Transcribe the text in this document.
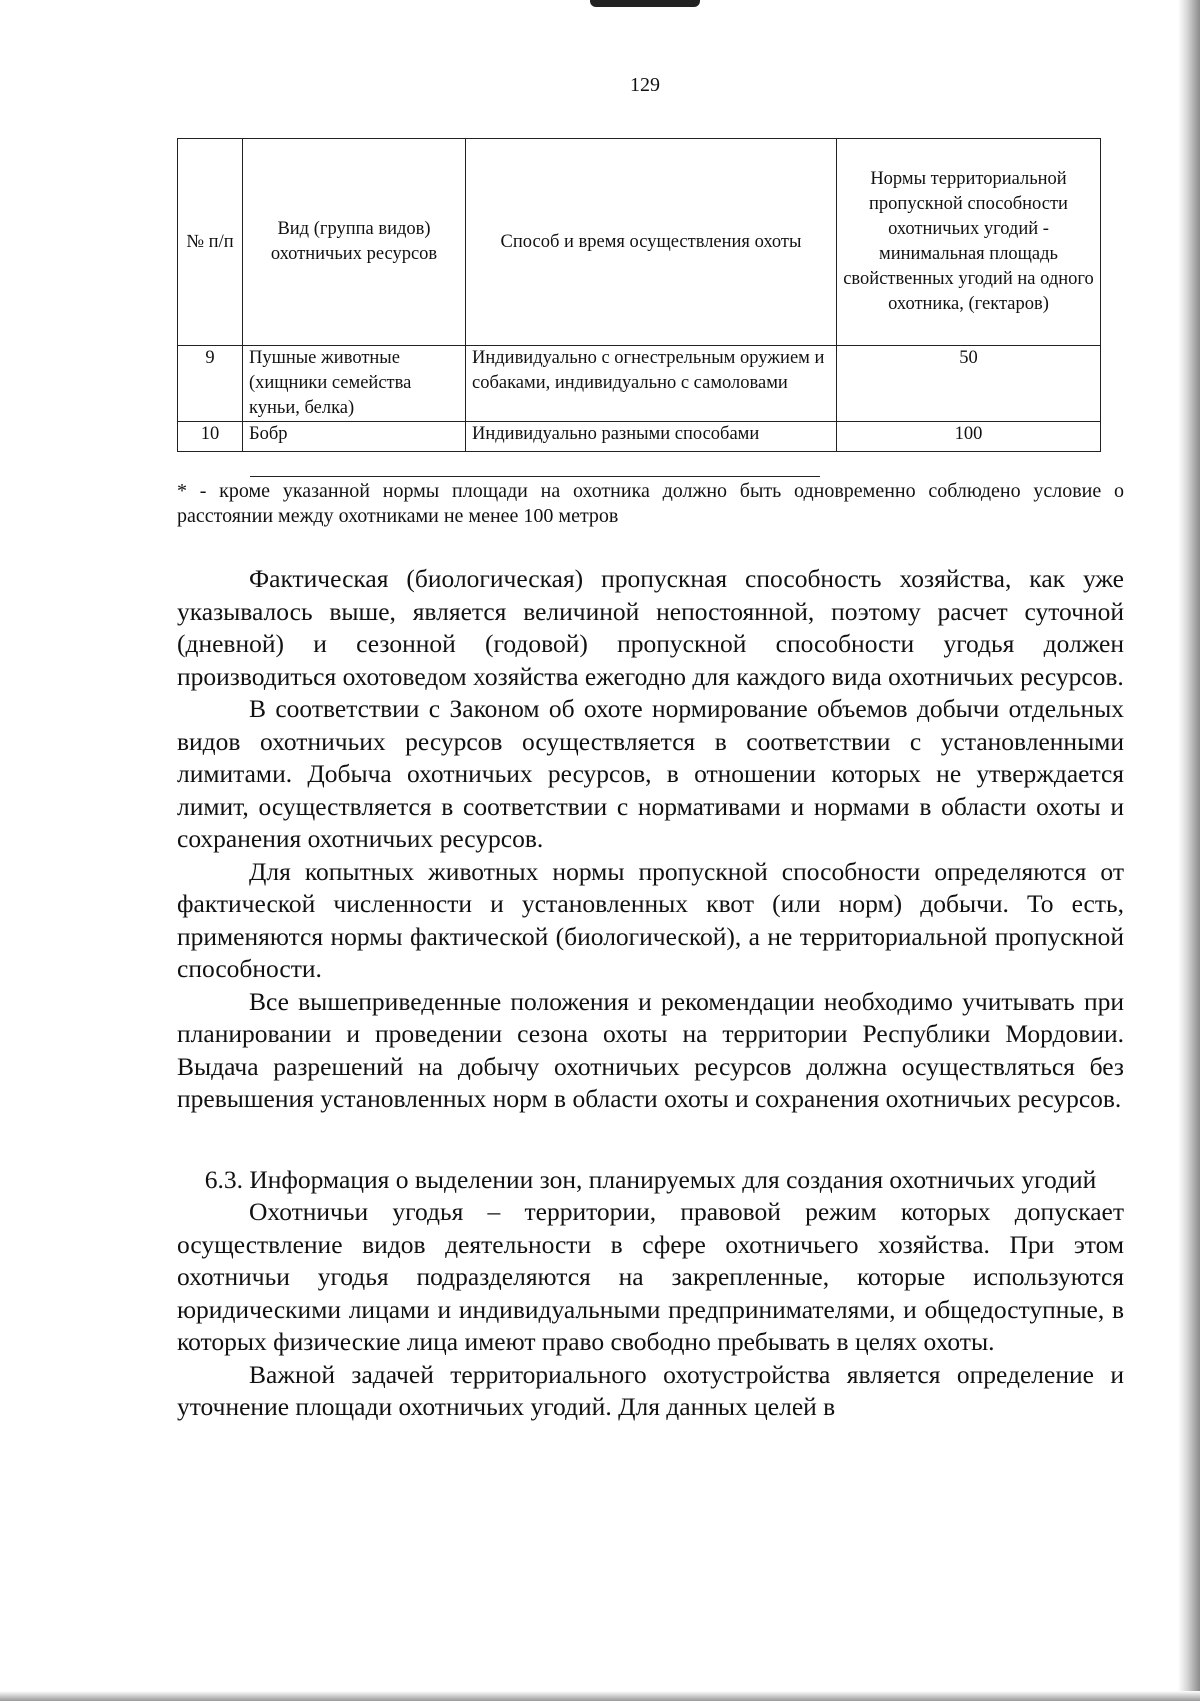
129
№ п/п	Вид (группа видов) охотничьих ресурсов	Способ и время осуществления охоты	Нормы территориальной пропускной способности охотничьих угодий - минимальная площадь свойственных угодий на одного охотника, (гектаров)
9	Пушные животные (хищники семейства куньи, белка)	Индивидуально с огнестрельным оружием и собаками, индивидуально с самоловами	50
10	Бобр	Индивидуально разными способами	100
* - кроме указанной нормы площади на охотника должно быть одновременно соблюдено условие о расстоянии между охотниками не менее 100 метров

Фактическая (биологическая) пропускная способность хозяйства, как уже указывалось выше, является величиной непостоянной, поэтому расчет суточной (дневной) и сезонной (годовой) пропускной способности угодья должен производиться охотоведом хозяйства ежегодно для каждого вида охотничьих ресурсов.

В соответствии с Законом об охоте нормирование объемов добычи отдельных видов охотничьих ресурсов осуществляется в соответствии с установленными лимитами. Добыча охотничьих ресурсов, в отношении которых не утверждается лимит, осуществляется в соответствии с нормативами и нормами в области охоты и сохранения охотничьих ресурсов.

Для копытных животных нормы пропускной способности определяются от фактической численности и установленных квот (или норм) добычи. То есть, применяются нормы фактической (биологической), а не территориальной пропускной способности.

Все вышеприведенные положения и рекомендации необходимо учитывать при планировании и проведении сезона охоты на территории Республики Мордовии. Выдача разрешений на добычу охотничьих ресурсов должна осуществляться без превышения установленных норм в области охоты и сохранения охотничьих ресурсов.

6.3. Информация о выделении зон, планируемых для создания охотничьих угодий

Охотничьи угодья – территории, правовой режим которых допускает осуществление видов деятельности в сфере охотничьего хозяйства. При этом охотничьи угодья подразделяются на закрепленные, которые используются юридическими лицами и индивидуальными предпринимателями, и общедоступные, в которых физические лица имеют право свободно пребывать в целях охоты.

Важной задачей территориального охотустройства является определение и уточнение площади охотничьих угодий. Для данных целей в
